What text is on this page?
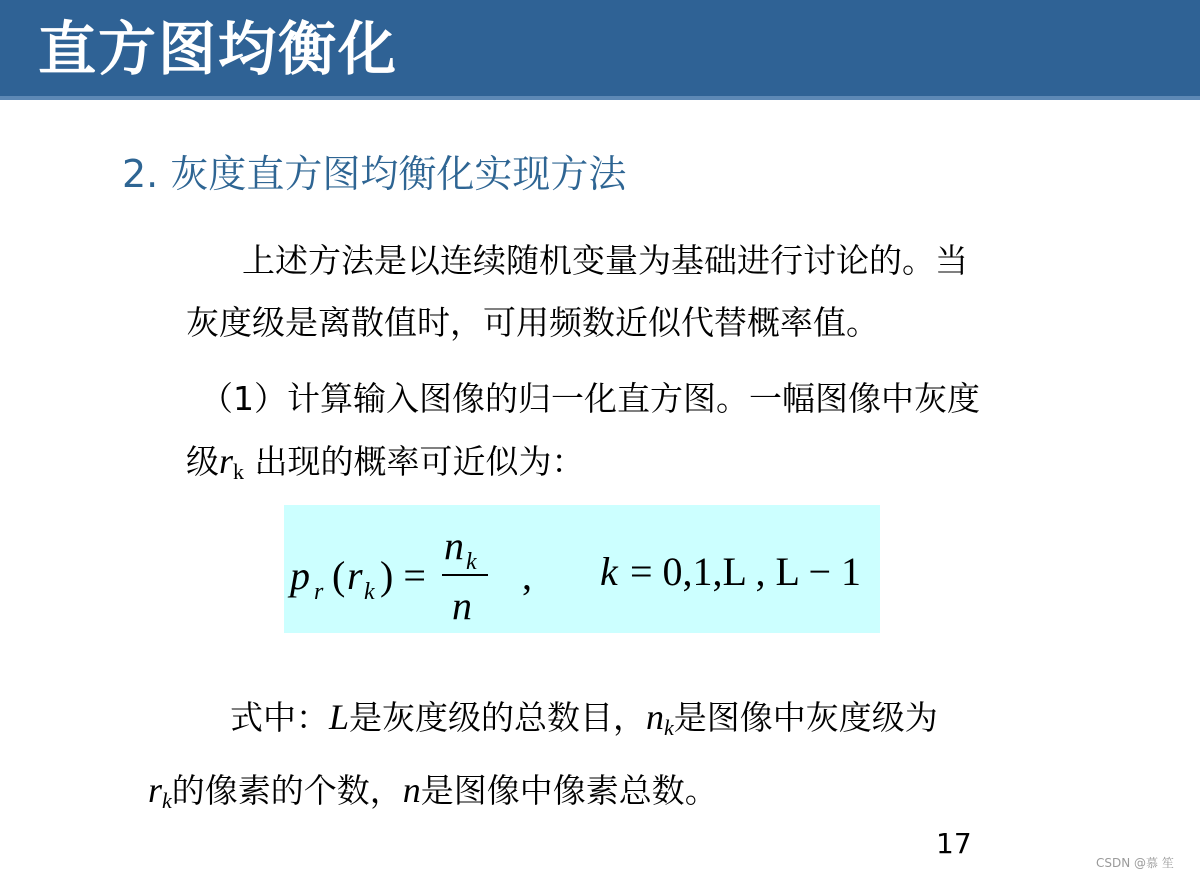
直方图均衡化
2. 灰度直方图均衡化实现方法
上述方法是以连续随机变量为基础进行讨论的。当
灰度级是离散值时，可用频数近似代替概率值。
（1）计算输入图像的归一化直方图。一幅图像中灰度
级$r_k$ 出现的概率可近似为：
p r ( r k ) =
n k
n
, k = 0,1,L , L − 1
式中：L是灰度级的总数目，$n_k$是图像中灰度级为
$r_k$的像素的个数，n是图像中像素总数。
17
CSDN @慕 笙
